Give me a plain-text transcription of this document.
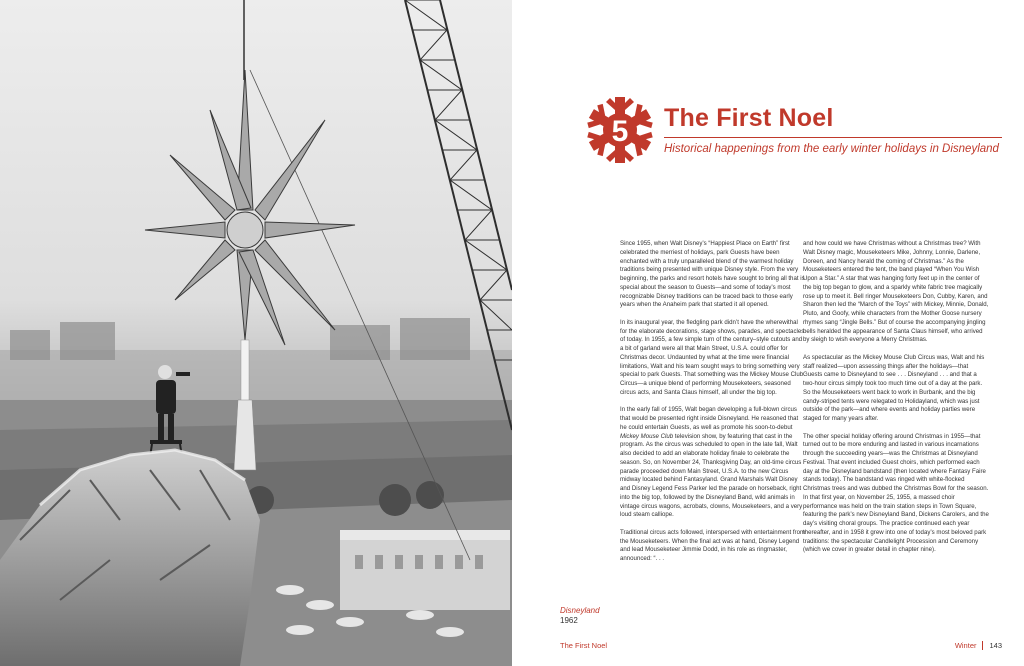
Disneyland
1962
5 The First Noel
Historical happenings from the early winter holidays in Disneyland

Since 1955, when Walt Disney’s “Happiest Place on Earth” first celebrated the merriest of holidays, park Guests have been enchanted with a truly unparalleled blend of the warmest holiday traditions being presented with unique Disney style. From the very beginning, the parks and resort hotels have sought to bring all that is special about the season to Guests—and some of today’s most recognizable Disney traditions can be traced back to those early years when the Anaheim park that started it all opened.

In its inaugural year, the fledgling park didn’t have the wherewithal for the elaborate decorations, stage shows, parades, and spectacles of today. In 1955, a few simple turn of the century–style cutouts and a bit of garland were all that Main Street, U.S.A. could offer for Christmas decor. Undaunted by what at the time were financial limitations, Walt and his team sought ways to bring something very special to park Guests. That something was the Mickey Mouse Club Circus—a unique blend of performing Mouseketeers, seasoned circus acts, and Santa Claus himself, all under the big top.

In the early fall of 1955, Walt began developing a full-blown circus that would be presented right inside Disneyland. He reasoned that he could entertain Guests, as well as promote his soon-to-debut Mickey Mouse Club television show, by featuring that cast in the program. As the circus was scheduled to open in the late fall, Walt also decided to add an elaborate holiday finale to celebrate the season. So, on November 24, Thanksgiving Day, an old-time circus parade proceeded down Main Street, U.S.A. to the new Circus midway located behind Fantasyland. Grand Marshals Walt Disney and Disney Legend Fess Parker led the parade on horseback, right into the big top, followed by the Disneyland Band, wild animals in vintage circus wagons, acrobats, clowns, Mouseketeers, and a very loud steam calliope.

Traditional circus acts followed, interspersed with entertainment from the Mouseketeers. When the final act was at hand, Disney Legend and lead Mouseketeer Jimmie Dodd, in his role as ringmaster, announced: “. . .

and how could we have Christmas without a Christmas tree? With Walt Disney magic, Mouseketeers Mike, Johnny, Lonnie, Darlene, Doreen, and Nancy herald the coming of Christmas.” As the Mouseketeers entered the tent, the band played “When You Wish Upon a Star.” A star that was hanging forty feet up in the center of the big top began to glow, and a sparkly white fabric tree magically rose up to meet it. Bell ringer Mouseketeers Don, Cubby, Karen, and Sharon then led the “March of the Toys” with Mickey, Minnie, Donald, Pluto, and Goofy, while characters from the Mother Goose nursery rhymes sang “Jingle Bells.” But of course the accompanying jingling bells heralded the appearance of Santa Claus himself, who arrived by sleigh to wish everyone a Merry Christmas.

As spectacular as the Mickey Mouse Club Circus was, Walt and his staff realized—upon assessing things after the holidays—that Guests came to Disneyland to see . . . Disneyland . . . and that a two-hour circus simply took too much time out of a day at the park. So the Mouseketeers went back to work in Burbank, and the big candy-striped tents were relegated to Holidayland, which was just outside of the park—and where events and holiday parties were staged for many years after.

The other special holiday offering around Christmas in 1955—that turned out to be more enduring and lasted in various incarnations through the succeeding years—was the Christmas at Disneyland Festival. That event included Guest choirs, which performed each day at the Disneyland bandstand (then located where Fantasy Faire stands today). The bandstand was ringed with white-flocked Christmas trees and was dubbed the Christmas Bowl for the season. In that first year, on November 25, 1955, a massed choir performance was held on the train station steps in Town Square, featuring the park’s new Disneyland Band, Dickens Carolers, and the day’s visiting choral groups. The practice continued each year thereafter, and in 1958 it grew into one of today’s most beloved park traditions: the spectacular Candlelight Procession and Ceremony (which we cover in greater detail in chapter nine).

The First Noel	Winter 143
